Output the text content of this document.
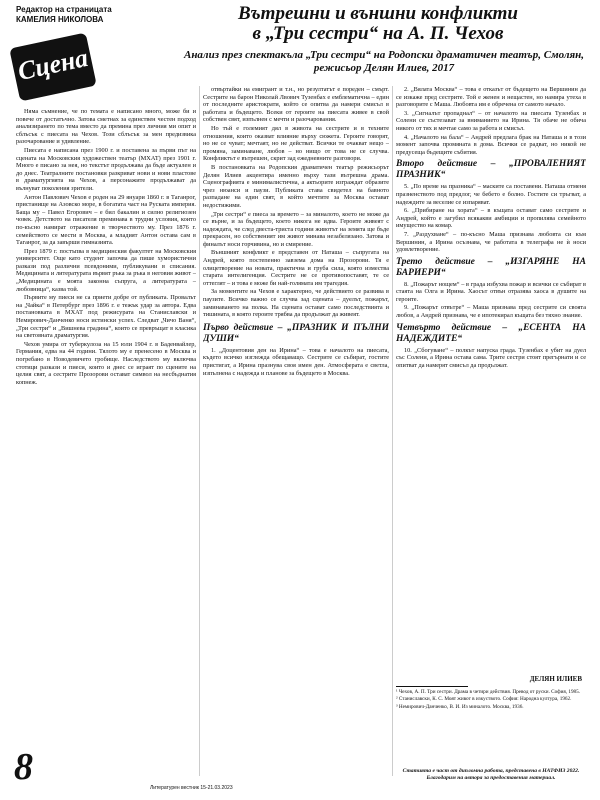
Редактор на страницата
КАМЕЛИЯ НИКОЛОВА
Сцена
Вътрешни и външни конфликти
в „Три сестри“ на А. П. Чехов
Анализ през спектакъла „Три сестри“ на Родопски драматичен театър, Смолян, режисьор Делян Илиев, 2017

Няма съмнение, че по темата е написано много, може би и повече от достатъчно. Затова сметнах за единствен честен подход анализирането по тема вместо да премина през личния ми опит и сблъсък с пиесата на Чехов. Този сблъсък за мен предизвика разочарование и удивление.

Пиесата е написана през 1900 г. и поставена за първи път на сцената на Московския художествен театър (МХАТ) през 1901 г. Много е писано за нея, но текстът продължава да бъде актуален и до днес. Театралните постановки разкриват нови и нови пластове в драматургията на Чехов, а персонажите продължават да вълнуват поколения зрители.

Антон Павлович Чехов е роден на 29 януари 1860 г. в Таганрог, пристанище на Азовско море, в богатата част на Руската империя. Баща му – Павел Егорович – е бил бакалин и силно религиозен човек. Детството на писателя преминава в трудни условия, които по-късно намират отражение в творчеството му. През 1876 г. семейството се мести в Москва, а младият Антон остава сам в Таганрог, за да завърши гимназията.

През 1879 г. постъпва в медицинския факултет на Московския университет. Още като студент започва да пише хумористични разкази под различни псевдоними, публикувани в списания. Медицината и литературата вървят ръка за ръка в неговия живот – „Медицината е моята законна съпруга, а литературата – любовница“, казва той.

Първите му пиеси не са приети добре от публиката. Провалът на „Чайка“ в Петербург през 1896 г. е тежък удар за автора. Едва постановката в МХАТ под режисурата на Станиславски и Немирович-Данченко носи истински успех. Следват „Чичо Ваня“, „Три сестри“ и „Вишнева градина“, които се превръщат в класика на световната драматургия.

Чехов умира от туберкулоза на 15 юли 1904 г. в Баденвайлер, Германия, едва на 44 години. Тялото му е пренесено в Москва и погребано в Новодевичето гробище. Наследството му включва стотици разкази и пиеси, които и днес се играят по сцените на целия свят, а сестрите Прозорови остават символ на несбъднатия копнеж.

отвъртайки на емигрант и т.н., но резултатът е пореден – смърт. Сестрите на барон Николай Лвович Тузенбах е емблематична – един от последните аристократи, който се опитва да намери смисъл в работата и бъдещето. Всеки от героите на пиесата живее в свой собствен свят, изпълнен с мечти и разочарования.

Но тъй е големият дял в живота на сестрите и в техните отношения, които оказват влияние върху сюжета. Героите говорят, но не се чуват; мечтаят, но не действат. Всички те очакват нещо – промяна, заминаване, любов – но нищо от това не се случва. Конфликтът е вътрешен, скрит зад ежедневните разговори.

В постановката на Родопския драматичен театър режисьорът Делян Илиев акцентира именно върху тази вътрешна драма. Сценографията е минималистична, а актьорите изграждат образите чрез нюанси и паузи. Публиката става свидетел на бавното разпадане на един свят, в който мечтите за Москва остават недостижими.

„Три сестри“ е пиеса за времето – за миналото, което не може да се върне, и за бъдещето, което никога не идва. Героите живеят с надеждата, че след двеста-триста години животът на земята ще бъде прекрасен, но собственият им живот минава незабелязано. Затова и финалът носи горчивина, но и смирение.

Външният конфликт е представен от Наташа – съпругата на Андрей, която постепенно завзема дома на Прозорови. Тя е олицетворение на новата, практична и груба сила, която измества старата интелигенция. Сестрите не се противопоставят, те се оттеглят – и това е може би най-голямата им трагедия.

За моментите на Чехов е характерно, че действието се развива в паузите. Всичко важно се случва зад сцената – дуелът, пожарът, заминаването на полка. На сцената остават само последствията и тишината, в която героите трябва да продължат да живеят.

Първо действие – „ПРАЗНИК И ПЪЛНИ ДУШИ“

1. „Доцентовия ден на Ирина“ – това е началото на пиесата, където всичко изглежда обещаващо. Сестрите се събират, гостите пристигат, а Ирина празнува своя имен ден. Атмосферата е светла, изпълнена с надежда и планове за бъдещето в Москва.

2. „Вялата Москва“ – това е отказът от бъдещето на Вершинин да се изкаже пред сестрите. Той е женен и нещастен, но намира утеха в разговорите с Маша. Любовта им е обречена от самото начало.

3. „Сигналът пропаднал“ – от началото на пиесата Тузенбах и Солени се състезават за вниманието на Ирина. Тя обаче не обича никого от тях и мечтае само за работа и смисъл.

4. „Началото на бала“ – Андрей предлага брак на Наташа и в този момент започва промяната в дома. Всички се радват, но никой не предусеща бъдещите събития.

Второ действие – „ПРОВАЛЕНИЯТ ПРАЗНИК“

5. „По време на празника“ – маските са поставени. Наташа отменя празненството под предлог, че бебето е болно. Гостите си тръгват, а надеждите за веселие се изпаряват.

6. „Прибиране на хората“ – в къщата остават само сестрите и Андрей, който е загубил всякакви амбиции и пропилява семейното имущество на комар.

7. „Раздухване“ – по-късно Маша признава любовта си към Вершинин, а Ирина осъзнава, че работата в телеграфа не ѝ носи удовлетворение.

Трето действие – „ИЗГАРЯНЕ НА БАРИЕРИ“

8. „Пожарът нощем“ – в града избухва пожар и всички се събират в стаята на Олга и Ирина. Хаосът отвън отразява хаоса в душите на героите.

9. „Пожарът отвътре“ – Маша признава пред сестрите си своята любов, а Андрей признава, че е ипотекирал къщата без тяхно знание.

Четвърто действие – „ЕСЕНТА НА НАДЕЖДИТЕ“

10. „Сбогуване“ – полкът напуска града. Тузенбах е убит на дуел със Солени, а Ирина остава сама. Трите сестри стоят прегърнати и се опитват да намерят смисъл да продължат.

ДЕЛЯН ИЛИЕВ
¹ Чехов, А. П. Три сестри. Драма в четири действия. Превод от руски. София, 1985.
² Станиславски, К. С. Моят живот в изкуството. София: Народна култура, 1962.
³ Немирович-Данченко, В. И. Из миналото. Москва, 1936.
Статията е част от дипломна работа, представена в НАТФИЗ 2022. Благодарим на автора за предоставения материал.
8	Литературен вестник 15-21.03.2023
